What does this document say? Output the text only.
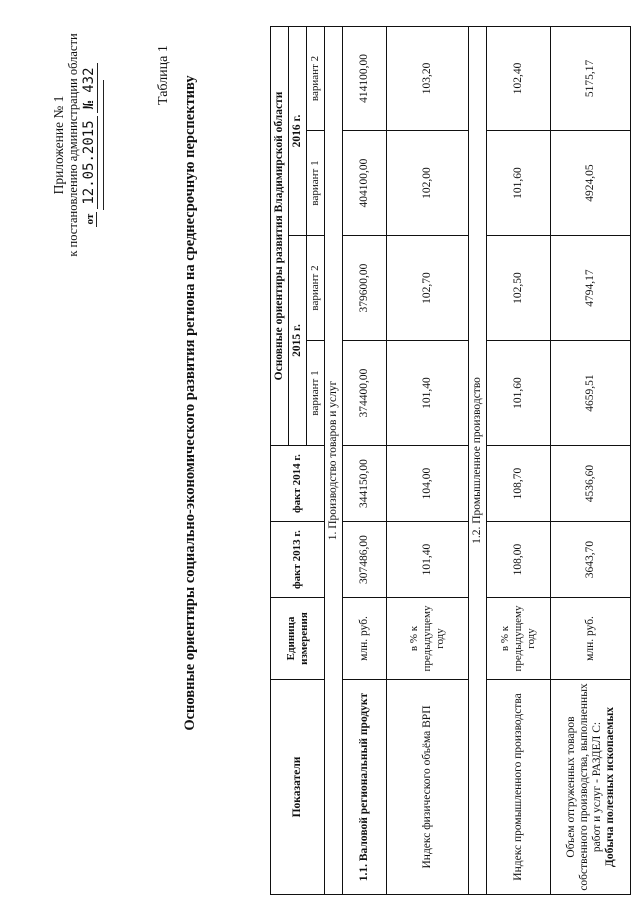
Приложение № 1 к постановлению администрации области от 12.05.2015 №432	Таблица 1
Основные ориентиры социально-экономического развития региона на среднесрочную перспективу
Показатели	Единица измерения	факт 2013 г.	факт 2014 г.	Основные ориентиры развития Владимирской области			
				2015 г.		2016 г.	
				вариант 1	вариант 2	вариант 1	вариант 2
1. Производство товаров и услуг							
1.1. Валовой региональный продукт	млн. руб.	307486,00	344150,00	374400,00	379600,00	404100,00	414100,00
Индекс физического объёма ВРП	в % к предыдущему году	101,40	104,00	101,40	102,70	102,00	103,20
1.2. Промышленное производство							
Индекс промышленного производства	в % к предыдущему году	108,00	108,70	101,60	102,50	101,60	102,40
Объем отгруженных товаров собственного производства, выполненных работ и услуг - РАЗДЕЛ С:
Добыча полезных ископаемых	млн. руб.	3643,70	4536,60	4659,51	4794,17	4924,05	5175,17
